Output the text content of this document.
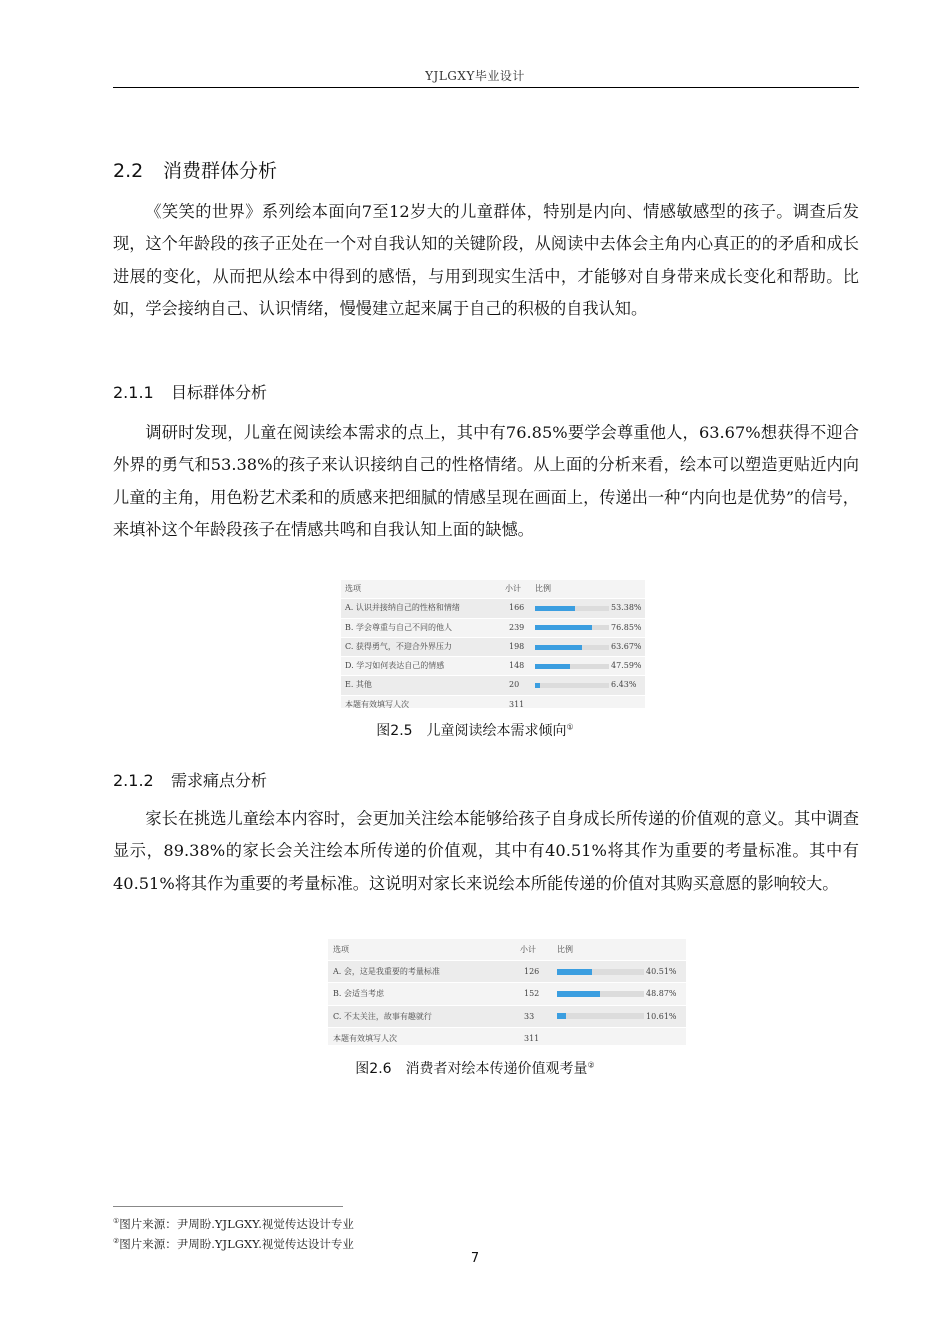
YJLGXY毕业设计
2.2 消费群体分析
《笑笑的世界》系列绘本面向7至12岁大的儿童群体，特别是内向、情感敏感型的孩子。调查后发现，这个年龄段的孩子正处在一个对自我认知的关键阶段，从阅读中去体会主角内心真正的的矛盾和成长进展的变化，从而把从绘本中得到的感悟，与用到现实生活中，才能够对自身带来成长变化和帮助。比如，学会接纳自己、认识情绪，慢慢建立起来属于自己的积极的自我认知。
2.1.1 目标群体分析
调研时发现，儿童在阅读绘本需求的点上，其中有76.85%要学会尊重他人，63.67%想获得不迎合外界的勇气和53.38%的孩子来认识接纳自己的性格情绪。从上面的分析来看，绘本可以塑造更贴近内向儿童的主角，用色粉艺术柔和的质感来把细腻的情感呈现在画面上，传递出一种“内向也是优势”的信号，来填补这个年龄段孩子在情感共鸣和自我认知上面的缺憾。
选项	小计 比例
A. 认识并接纳自己的性格和情绪	166	53.38%
B. 学会尊重与自己不同的他人	239	76.85%
C. 获得勇气，不迎合外界压力	198	63.67%
D. 学习如何表达自己的情感	148	47.59%
E. 其他	20	6.43%
本题有效填写人次	311
图2.5　儿童阅读绘本需求倾向①
2.1.2 需求痛点分析
家长在挑选儿童绘本内容时，会更加关注绘本能够给孩子自身成长所传递的价值观的意义。其中调查显示，89.38%的家长会关注绘本所传递的价值观，其中有40.51%将其作为重要的考量标准。其中有40.51%将其作为重要的考量标准。这说明对家长来说绘本所能传递的价值对其购买意愿的影响较大。
选项	小计	比例
A. 会，这是我重要的考量标准	126	40.51%
B. 会适当考虑	152	48.87%
C. 不太关注，故事有趣就行	33	10.61%
本题有效填写人次	311
图2.6　消费者对绘本传递价值观考量②
①图片来源：尹周盼.YJLGXY.视觉传达设计专业
②图片来源：尹周盼.YJLGXY.视觉传达设计专业
7
